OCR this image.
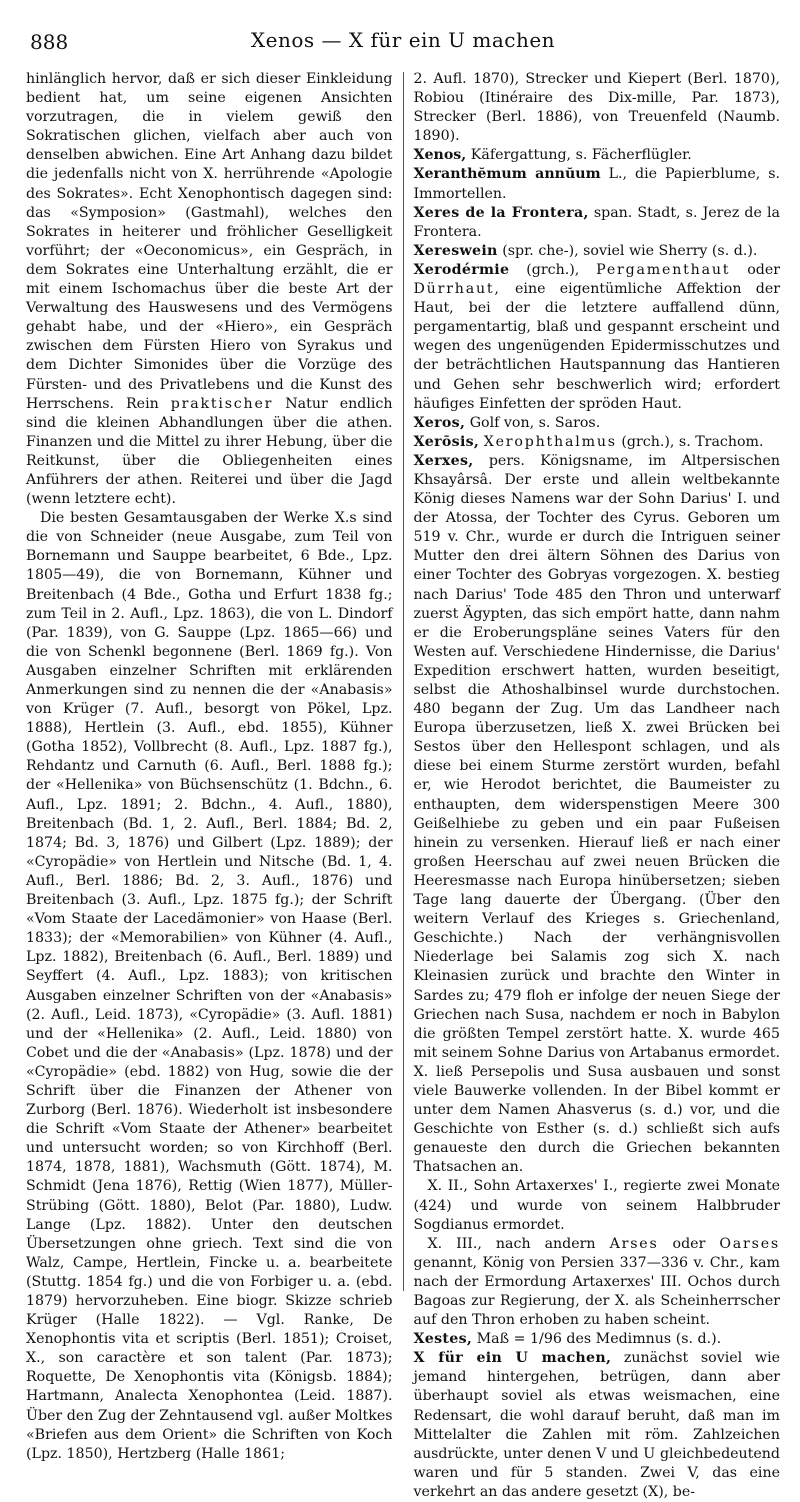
888	Xenos — X für ein U machen

hinlänglich hervor, daß er sich dieser Einkleidung bedient hat, um seine eigenen Ansichten vorzutragen, die in vielem gewiß den Sokratischen glichen, vielfach aber auch von denselben abwichen. Eine Art Anhang dazu bildet die jedenfalls nicht von X. herrührende «Apologie des Sokrates». Echt Xenophontisch dagegen sind: das «Symposion» (Gastmahl), welches den Sokrates in heiterer und fröhlicher Geselligkeit vorführt; der «Oeconomicus», ein Gespräch, in dem Sokrates eine Unterhaltung erzählt, die er mit einem Ischomachus über die beste Art der Verwaltung des Hauswesens und des Vermögens gehabt habe, und der «Hiero», ein Gespräch zwischen dem Fürsten Hiero von Syrakus und dem Dichter Simonides über die Vorzüge des Fürsten- und des Privatlebens und die Kunst des Herrschens. Rein praktischer Natur endlich sind die kleinen Abhandlungen über die athen. Finanzen und die Mittel zu ihrer Hebung, über die Reitkunst, über die Obliegenheiten eines Anführers der athen. Reiterei und über die Jagd (wenn letztere echt).

Die besten Gesamtausgaben der Werke X.s sind die von Schneider (neue Ausgabe, zum Teil von Bornemann und Sauppe bearbeitet, 6 Bde., Lpz. 1805—49), die von Bornemann, Kühner und Breitenbach (4 Bde., Gotha und Erfurt 1838 fg.; zum Teil in 2. Aufl., Lpz. 1863), die von L. Dindorf (Par. 1839), von G. Sauppe (Lpz. 1865—66) und die von Schenkl begonnene (Berl. 1869 fg.). Von Ausgaben einzelner Schriften mit erklärenden Anmerkungen sind zu nennen die der «Anabasis» von Krüger (7. Aufl., besorgt von Pökel, Lpz. 1888), Hertlein (3. Aufl., ebd. 1855), Kühner (Gotha 1852), Vollbrecht (8. Aufl., Lpz. 1887 fg.), Rehdantz und Carnuth (6. Aufl., Berl. 1888 fg.); der «Hellenika» von Büchsenschütz (1. Bdchn., 6. Aufl., Lpz. 1891; 2. Bdchn., 4. Aufl., 1880), Breitenbach (Bd. 1, 2. Aufl., Berl. 1884; Bd. 2, 1874; Bd. 3, 1876) und Gilbert (Lpz. 1889); der «Cyropädie» von Hertlein und Nitsche (Bd. 1, 4. Aufl., Berl. 1886; Bd. 2, 3. Aufl., 1876) und Breitenbach (3. Aufl., Lpz. 1875 fg.); der Schrift «Vom Staate der Lacedämonier» von Haase (Berl. 1833); der «Memorabilien» von Kühner (4. Aufl., Lpz. 1882), Breitenbach (6. Aufl., Berl. 1889) und Seyffert (4. Aufl., Lpz. 1883); von kritischen Ausgaben einzelner Schriften von der «Anabasis» (2. Aufl., Leid. 1873), «Cyropädie» (3. Aufl. 1881) und der «Hellenika» (2. Aufl., Leid. 1880) von Cobet und die der «Anabasis» (Lpz. 1878) und der «Cyropädie» (ebd. 1882) von Hug, sowie die der Schrift über die Finanzen der Athener von Zurborg (Berl. 1876). Wiederholt ist insbesondere die Schrift «Vom Staate der Athener» bearbeitet und untersucht worden; so von Kirchhoff (Berl. 1874, 1878, 1881), Wachsmuth (Gött. 1874), M. Schmidt (Jena 1876), Rettig (Wien 1877), Müller-Strübing (Gött. 1880), Belot (Par. 1880), Ludw. Lange (Lpz. 1882). Unter den deutschen Übersetzungen ohne griech. Text sind die von Walz, Campe, Hertlein, Fincke u. a. bearbeitete (Stuttg. 1854 fg.) und die von Forbiger u. a. (ebd. 1879) hervorzuheben. Eine biogr. Skizze schrieb Krüger (Halle 1822). — Vgl. Ranke, De Xenophontis vita et scriptis (Berl. 1851); Croiset, X., son caractère et son talent (Par. 1873); Roquette, De Xenophontis vita (Königsb. 1884); Hartmann, Analecta Xenophontea (Leid. 1887). Über den Zug der Zehntausend vgl. außer Moltkes «Briefen aus dem Orient» die Schriften von Koch (Lpz. 1850), Hertzberg (Halle 1861;

2. Aufl. 1870), Strecker und Kiepert (Berl. 1870), Robiou (Itinéraire des Dix-mille, Par. 1873), Strecker (Berl. 1886), von Treuenfeld (Naumb. 1890).

Xenos, Käfergattung, s. Fächerflügler.

Xeranthĕmum annŭum L., die Papierblume, s. Immortellen.

Xeres de la Frontera, span. Stadt, s. Jerez de la Frontera.

Xereswein (spr. che-), soviel wie Sherry (s. d.).

Xerodérmie (grch.), Pergamenthaut oder Dürrhaut, eine eigentümliche Affektion der Haut, bei der die letztere auffallend dünn, pergamentartig, blaß und gespannt erscheint und wegen des ungenügenden Epidermisschutzes und der beträchtlichen Hautspannung das Hantieren und Gehen sehr beschwerlich wird; erfordert häufiges Einfetten der spröden Haut.

Xeros, Golf von, s. Saros.

Xerōsis, Xerophthalmus (grch.), s. Trachom.

Xerxes, pers. Königsname, im Altpersischen Khsayârsâ. Der erste und allein weltbekannte König dieses Namens war der Sohn Darius' I. und der Atossa, der Tochter des Cyrus. Geboren um 519 v. Chr., wurde er durch die Intriguen seiner Mutter den drei ältern Söhnen des Darius von einer Tochter des Gobryas vorgezogen. X. bestieg nach Darius' Tode 485 den Thron und unterwarf zuerst Ägypten, das sich empört hatte, dann nahm er die Eroberungspläne seines Vaters für den Westen auf. Verschiedene Hindernisse, die Darius' Expedition erschwert hatten, wurden beseitigt, selbst die Athoshalbinsel wurde durchstochen. 480 begann der Zug. Um das Landheer nach Europa überzusetzen, ließ X. zwei Brücken bei Sestos über den Hellespont schlagen, und als diese bei einem Sturme zerstört wurden, befahl er, wie Herodot berichtet, die Baumeister zu enthaupten, dem widerspenstigen Meere 300 Geißelhiebe zu geben und ein paar Fußeisen hinein zu versenken. Hierauf ließ er nach einer großen Heerschau auf zwei neuen Brücken die Heeresmasse nach Europa hinübersetzen; sieben Tage lang dauerte der Übergang. (Über den weitern Verlauf des Krieges s. Griechenland, Geschichte.) Nach der verhängnisvollen Niederlage bei Salamis zog sich X. nach Kleinasien zurück und brachte den Winter in Sardes zu; 479 floh er infolge der neuen Siege der Griechen nach Susa, nachdem er noch in Babylon die größten Tempel zerstört hatte. X. wurde 465 mit seinem Sohne Darius von Artabanus ermordet. X. ließ Persepolis und Susa ausbauen und sonst viele Bauwerke vollenden. In der Bibel kommt er unter dem Namen Ahasverus (s. d.) vor, und die Geschichte von Esther (s. d.) schließt sich aufs genaueste den durch die Griechen bekannten Thatsachen an.

X. II., Sohn Artaxerxes' I., regierte zwei Monate (424) und wurde von seinem Halbbruder Sogdianus ermordet.

X. III., nach andern Arses oder Oarses genannt, König von Persien 337—336 v. Chr., kam nach der Ermordung Artaxerxes' III. Ochos durch Bagoas zur Regierung, der X. als Scheinherrscher auf den Thron erhoben zu haben scheint.

Xestes, Maß = 1/96 des Medimnus (s. d.).

X für ein U machen, zunächst soviel wie jemand hintergehen, betrügen, dann aber überhaupt soviel als etwas weismachen, eine Redensart, die wohl darauf beruht, daß man im Mittelalter die Zahlen mit röm. Zahlzeichen ausdrückte, unter denen V und U gleichbedeutend waren und für 5 standen. Zwei V, das eine verkehrt an das andere gesetzt (X), be-
